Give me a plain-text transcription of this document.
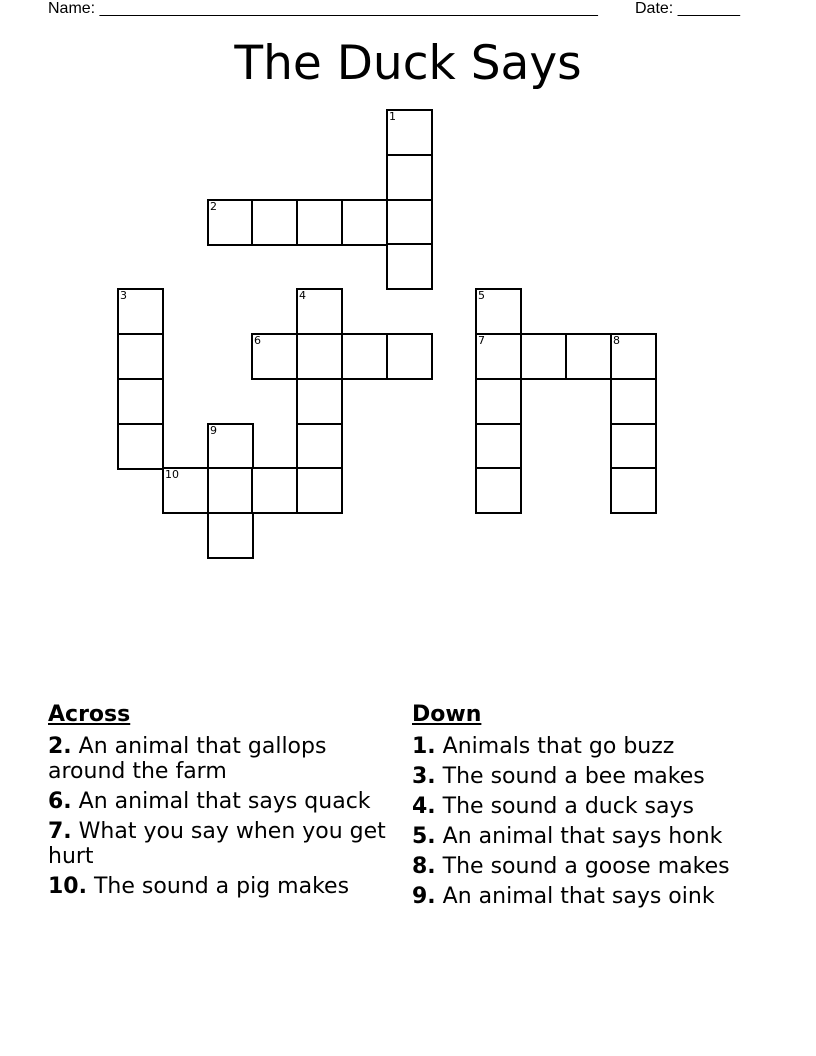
Name: ________________________________________________________ Date: _______
The Duck Says
1
2
3	4	5
7
6	8
9
10
Across
2. An animal that gallops around the farm
6. An animal that says quack
7. What you say when you get hurt
10. The sound a pig makes
Down
1. Animals that go buzz
3. The sound a bee makes
4. The sound a duck says
5. An animal that says honk
8. The sound a goose makes
9. An animal that says oink
